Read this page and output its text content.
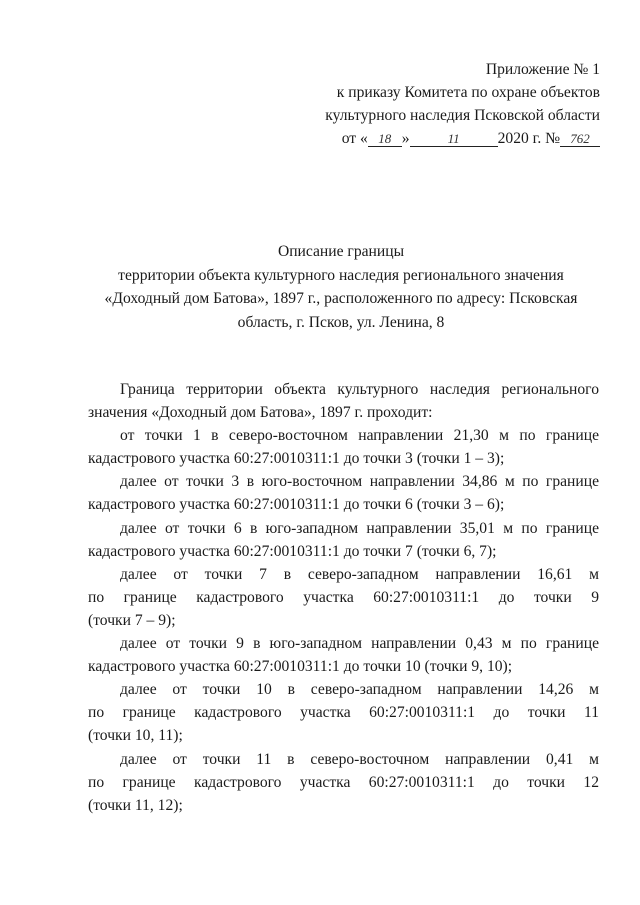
Приложение № 1
к приказу Комитета по охране объектов
культурного наследия Псковской области
от « 18 »	11 2020 г. № 762
Описание границы
территории объекта культурного наследия регионального значения
«Доходный дом Батова», 1897 г., расположенного по адресу: Псковская
область, г. Псков, ул. Ленина, 8
Граница территории объекта культурного наследия регионального
значения «Доходный дом Батова», 1897 г. проходит:
от точки 1 в северо-восточном направлении 21,30 м по границе
кадастрового участка 60:27:0010311:1 до точки 3 (точки 1 – 3);
далее от точки 3 в юго-восточном направлении 34,86 м по границе
кадастрового участка 60:27:0010311:1 до точки 6 (точки 3 – 6);
далее от точки 6 в юго-западном направлении 35,01 м по границе
кадастрового участка 60:27:0010311:1 до точки 7 (точки 6, 7);
далее от точки 7 в северо-западном направлении 16,61 м
по границе кадастрового участка 60:27:0010311:1 до точки 9
(точки 7 – 9);
далее от точки 9 в юго-западном направлении 0,43 м по границе
кадастрового участка 60:27:0010311:1 до точки 10 (точки 9, 10);
далее от точки 10 в северо-западном направлении 14,26 м
по границе кадастрового участка 60:27:0010311:1 до точки 11
(точки 10, 11);
далее от точки 11 в северо-восточном направлении 0,41 м
по границе кадастрового участка 60:27:0010311:1 до точки 12
(точки 11, 12);
